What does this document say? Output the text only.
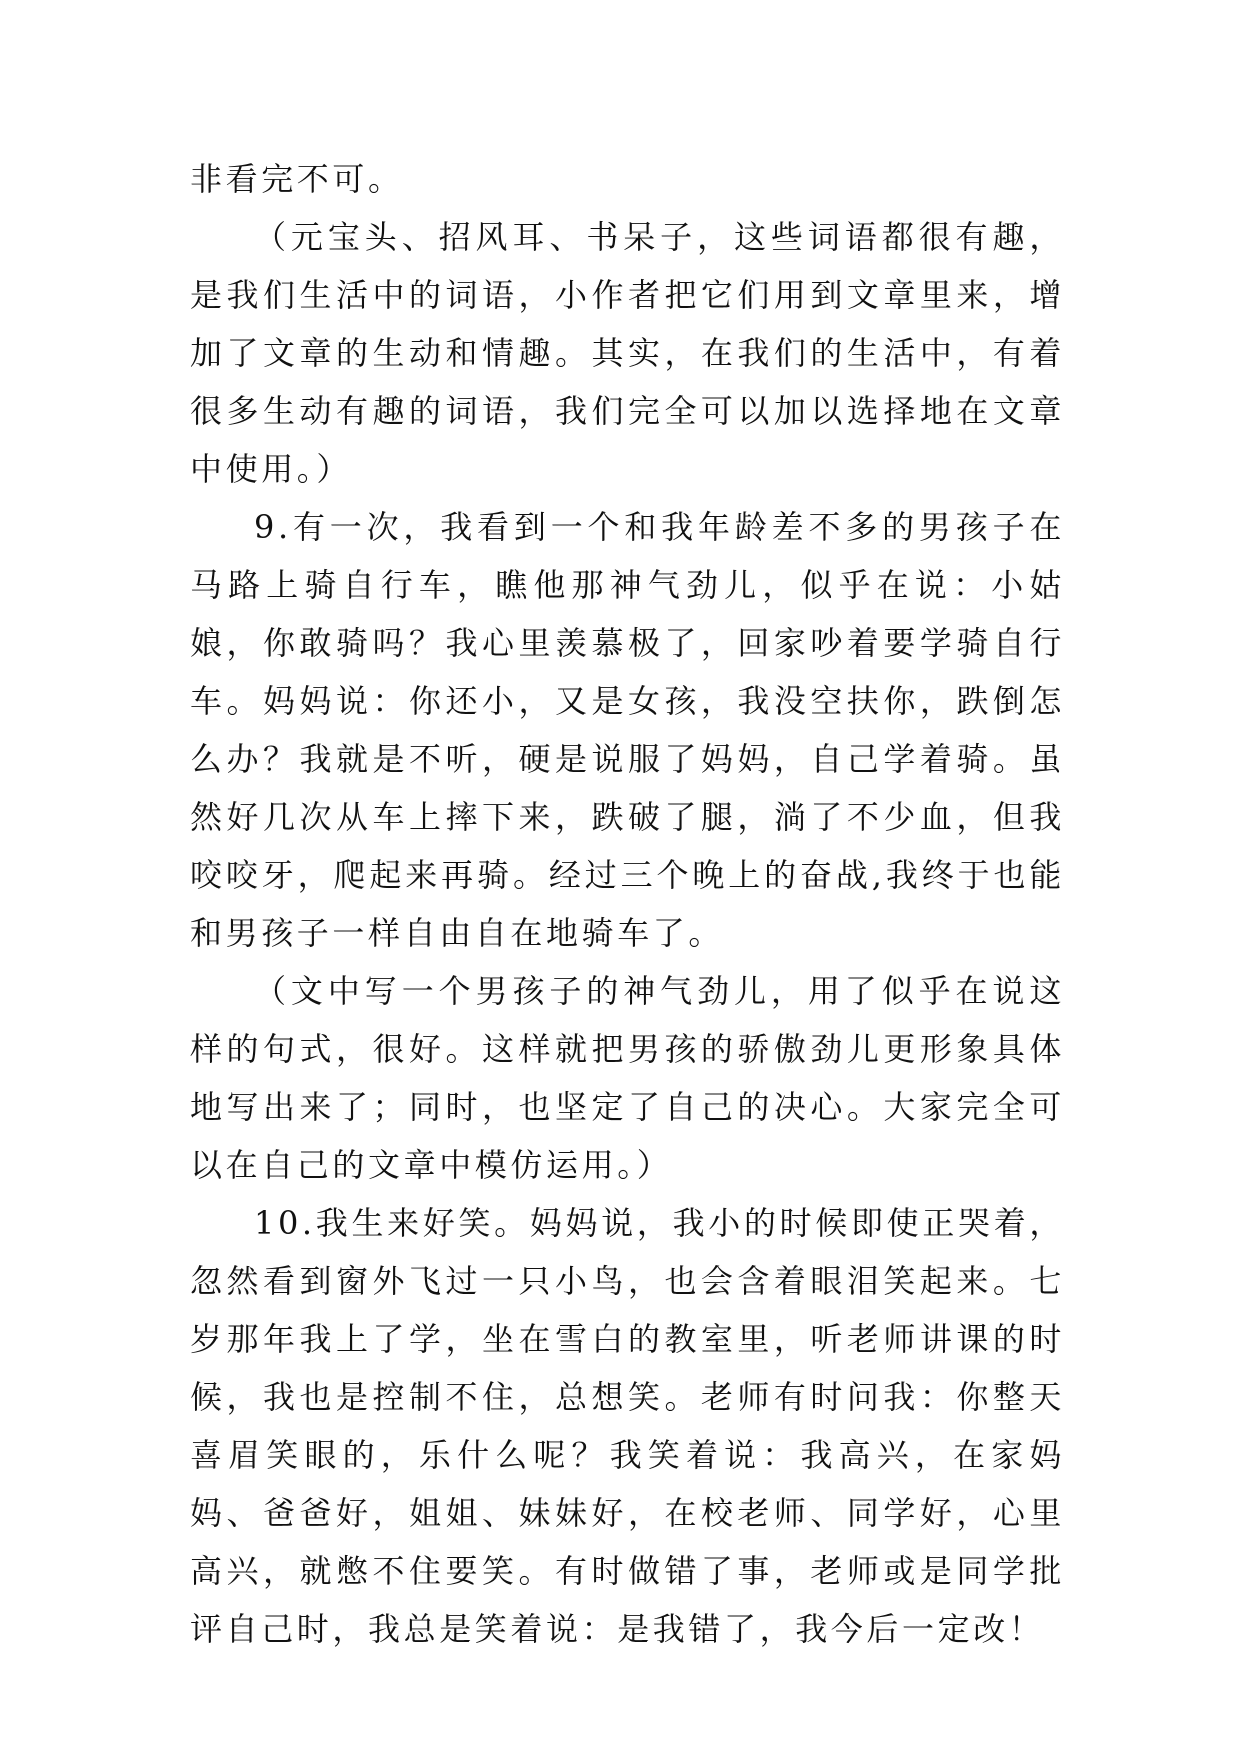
非看完不可。

（元宝头、招风耳、书呆子，这些词语都很有趣，是我们生活中的词语，小作者把它们用到文章里来，增加了文章的生动和情趣。其实，在我们的生活中，有着很多生动有趣的词语，我们完全可以加以选择地在文章中使用。）

9.有一次，我看到一个和我年龄差不多的男孩子在马路上骑自行车，瞧他那神气劲儿，似乎在说：小姑娘，你敢骑吗？我心里羡慕极了，回家吵着要学骑自行车。妈妈说：你还小，又是女孩，我没空扶你，跌倒怎么办？我就是不听，硬是说服了妈妈，自己学着骑。虽然好几次从车上摔下来，跌破了腿，淌了不少血，但我咬咬牙，爬起来再骑。经过三个晚上的奋战,我终于也能和男孩子一样自由自在地骑车了。

（文中写一个男孩子的神气劲儿，用了似乎在说这样的句式，很好。这样就把男孩的骄傲劲儿更形象具体地写出来了；同时，也坚定了自己的决心。大家完全可以在自己的文章中模仿运用。）

10.我生来好笑。妈妈说，我小的时候即使正哭着，忽然看到窗外飞过一只小鸟，也会含着眼泪笑起来。七岁那年我上了学，坐在雪白的教室里，听老师讲课的时候，我也是控制不住，总想笑。老师有时问我：你整天喜眉笑眼的，乐什么呢？我笑着说：我高兴，在家妈妈、爸爸好，姐姐、妹妹好，在校老师、同学好，心里高兴，就憋不住要笑。有时做错了事，老师或是同学批评自己时，我总是笑着说：是我错了，我今后一定改！
